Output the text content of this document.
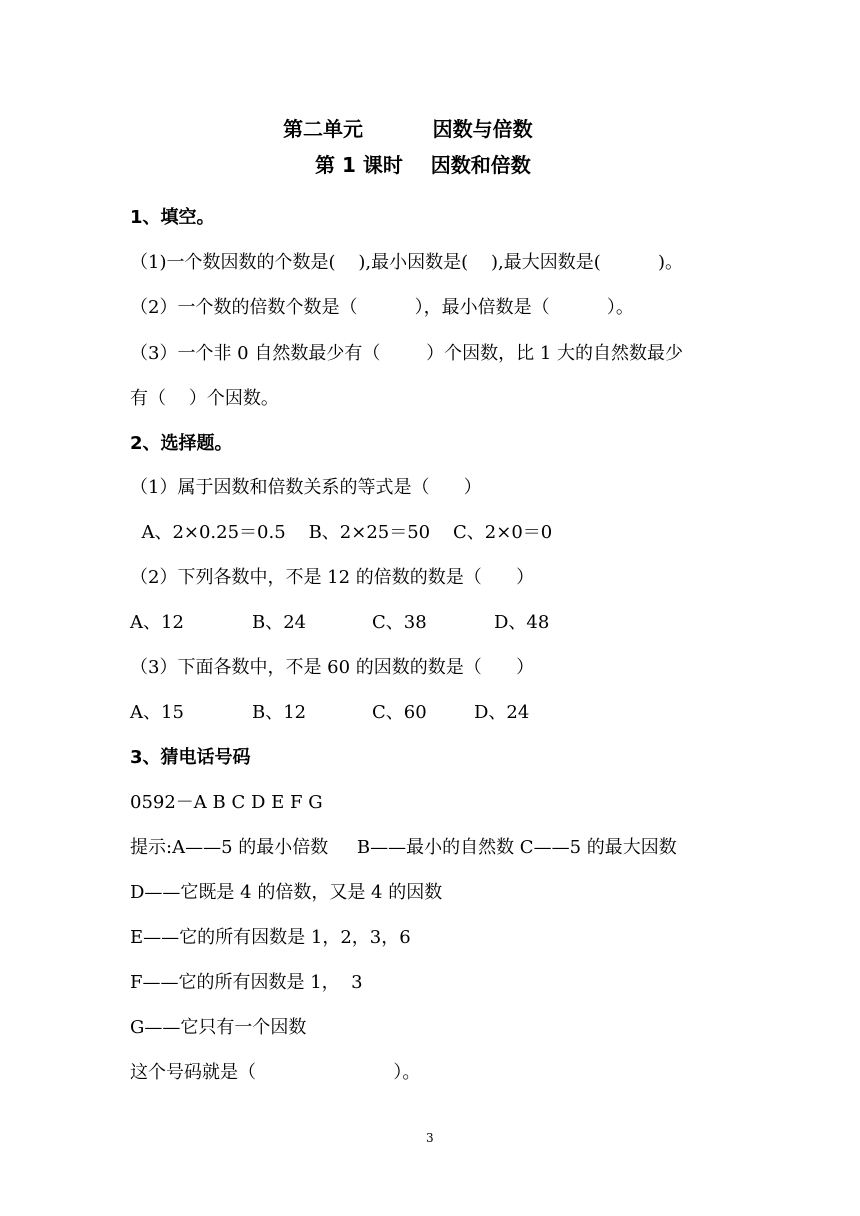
第二单元          因数与倍数
第 1 课时    因数和倍数
1、填空。
（1)一个数因数的个数是(    ),最小因数是(    ),最大因数是(          )。
（2）一个数的倍数个数是（          ），最小倍数是（          ）。
（3）一个非 0 自然数最少有（        ）个因数，比 1 大的自然数最少
有（    ）个因数。
2、选择题。
（1）属于因数和倍数关系的等式是（      ）
A、2×0.25＝0.5    B、2×25＝50    C、2×0＝0
（2）下列各数中，不是 12 的倍数的数是（      ）
A、12	B、24	C、38	D、48
（3）下面各数中，不是 60 的因数的数是（      ）
A、15	B、12	C、60	D、24
3、猜电话号码
0592－A B C D E F G
提示:A——5 的最小倍数     B——最小的自然数 C——5 的最大因数
D——它既是 4 的倍数，又是 4 的因数
E——它的所有因数是 1，2，3，6
F——它的所有因数是 1，  3
G——它只有一个因数
这个号码就是（                        ）。
3
